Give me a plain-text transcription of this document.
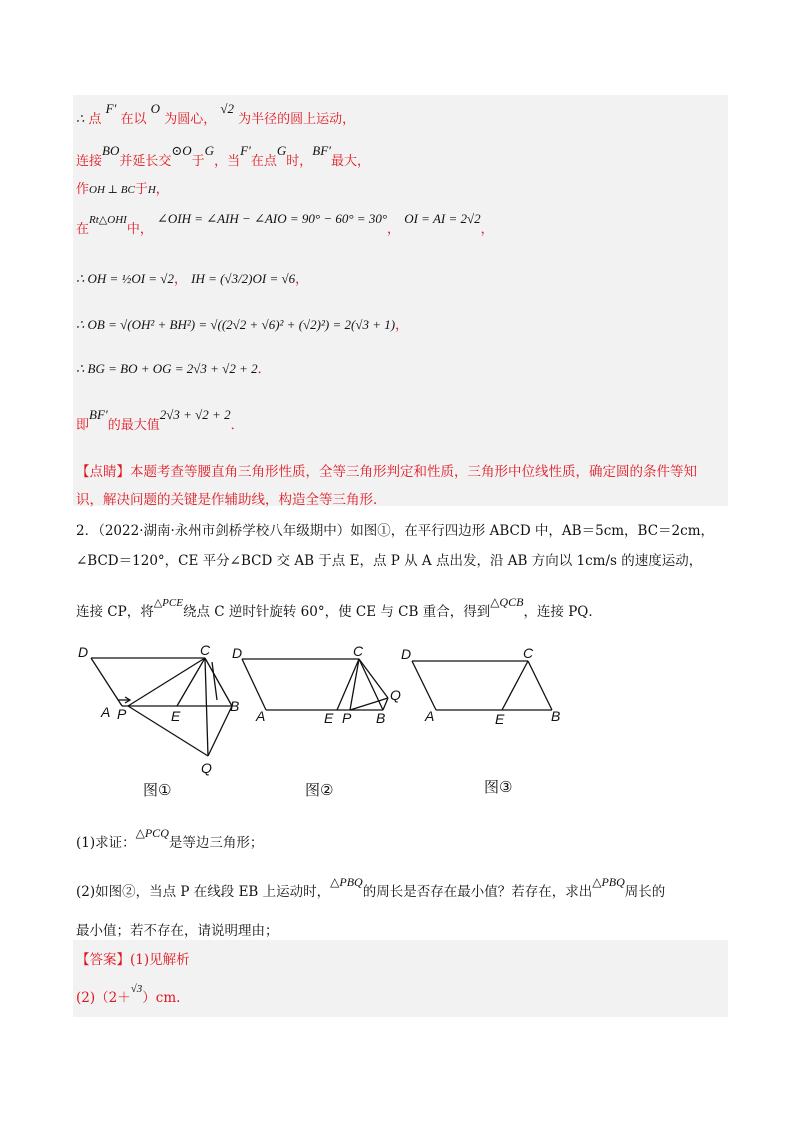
∴ 点 F′ 在以 O 为圆心， √2 为半径的圆上运动，
连接BO并延长交⊙O于G，当F′在点G时，BF′最大，
作OH ⊥ BC于H，
在$^{Rt\triangle OHI}$中， ∠OIH = ∠AIH − ∠AIO = 90° − 60° = 30°， OI = AI = 2√2，
∴ OH = ½OI = √2， IH = (√3/2)OI = √6，
∴ OB = √(OH² + BH²) = √((2√2 + √6)² + (√2)²) = 2(√3 + 1)，
∴ BG = BO + OG = 2√3 + √2 + 2．
即BF′的最大值2√3 + √2 + 2．
【点睛】本题考查等腰直角三角形性质，全等三角形判定和性质，三角形中位线性质，确定圆的条件等知
识，解决问题的关键是作辅助线，构造全等三角形．
2．（2022·湖南·永州市剑桥学校八年级期中）如图①，在平行四边形 ABCD 中，AB＝5cm，BC＝2cm，
∠BCD＝120°，CE 平分∠BCD 交 AB 于点 E，点 P 从 A 点出发，沿 AB 方向以 1cm/s 的速度运动，
连接 CP，将$^{\triangle PCE}$绕点 C 逆时针旋转 60°，使 CE 与 CB 重合，得到△QCB，连接 PQ．
D	C
A P	E
B
Q
D	C
A	E P B
Q
D	C
A	E	B
图①	图②	图③
(1)求证：△PCQ是等边三角形；
(2)如图②，当点 P 在线段 EB 上运动时，△PBQ的周长是否存在最小值？若存在，求出△PBQ周长的
最小值；若不存在，请说明理由；
【答案】(1)见解析
(2)（2＋$^{√3}$）cm.
